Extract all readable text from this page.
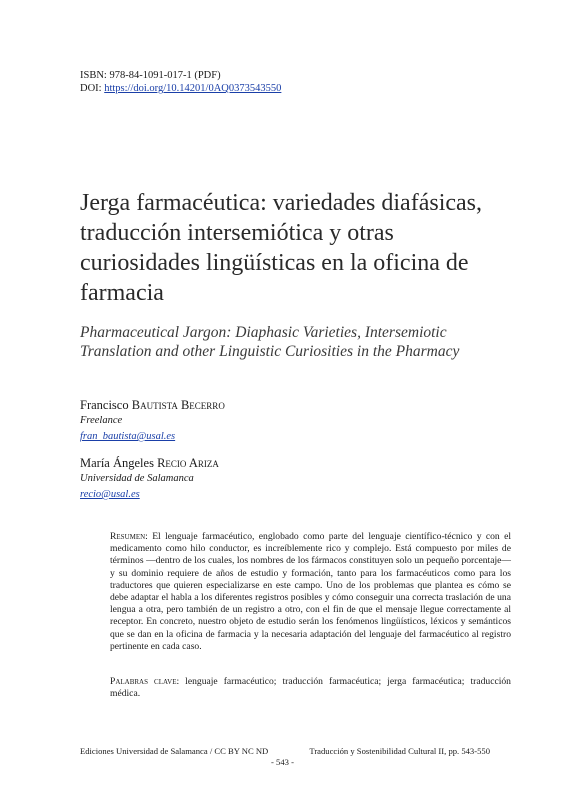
ISBN: 978-84-1091-017-1 (PDF)
DOI: https://doi.org/10.14201/0AQ0373543550
Jerga farmacéutica: variedades diafásicas, traducción intersemiótica y otras curiosidades lingüísticas en la oficina de farmacia

Pharmaceutical Jargon: Diaphasic Varieties, Intersemiotic Translation and other Linguistic Curiosities in the Pharmacy

Francisco Bautista Becerro
Freelance
fran_bautista@usal.es
María Ángeles Recio Ariza
Universidad de Salamanca
recio@usal.es

Resumen: El lenguaje farmacéutico, englobado como parte del lenguaje científico-técnico y con el medicamento como hilo conductor, es increíblemente rico y complejo. Está compuesto por miles de términos —dentro de los cuales, los nombres de los fármacos constituyen solo un pequeño porcentaje— y su dominio requiere de años de estudio y formación, tanto para los farmacéuticos como para los traductores que quieren especializarse en este campo. Uno de los problemas que plantea es cómo se debe adaptar el habla a los diferentes registros posibles y cómo conseguir una correcta traslación de una lengua a otra, pero también de un registro a otro, con el fin de que el mensaje llegue correctamente al receptor. En concreto, nuestro objeto de estudio serán los fenómenos lingüísticos, léxicos y semánticos que se dan en la oficina de farmacia y la necesaria adaptación del lenguaje del farmacéutico al registro pertinente en cada caso.

Palabras clave: lenguaje farmacéutico; traducción farmacéutica; jerga farmacéutica; traducción médica.

Ediciones Universidad de Salamanca / CC BY NC ND	Traducción y Sostenibilidad Cultural II, pp. 543-550
- 543 -
